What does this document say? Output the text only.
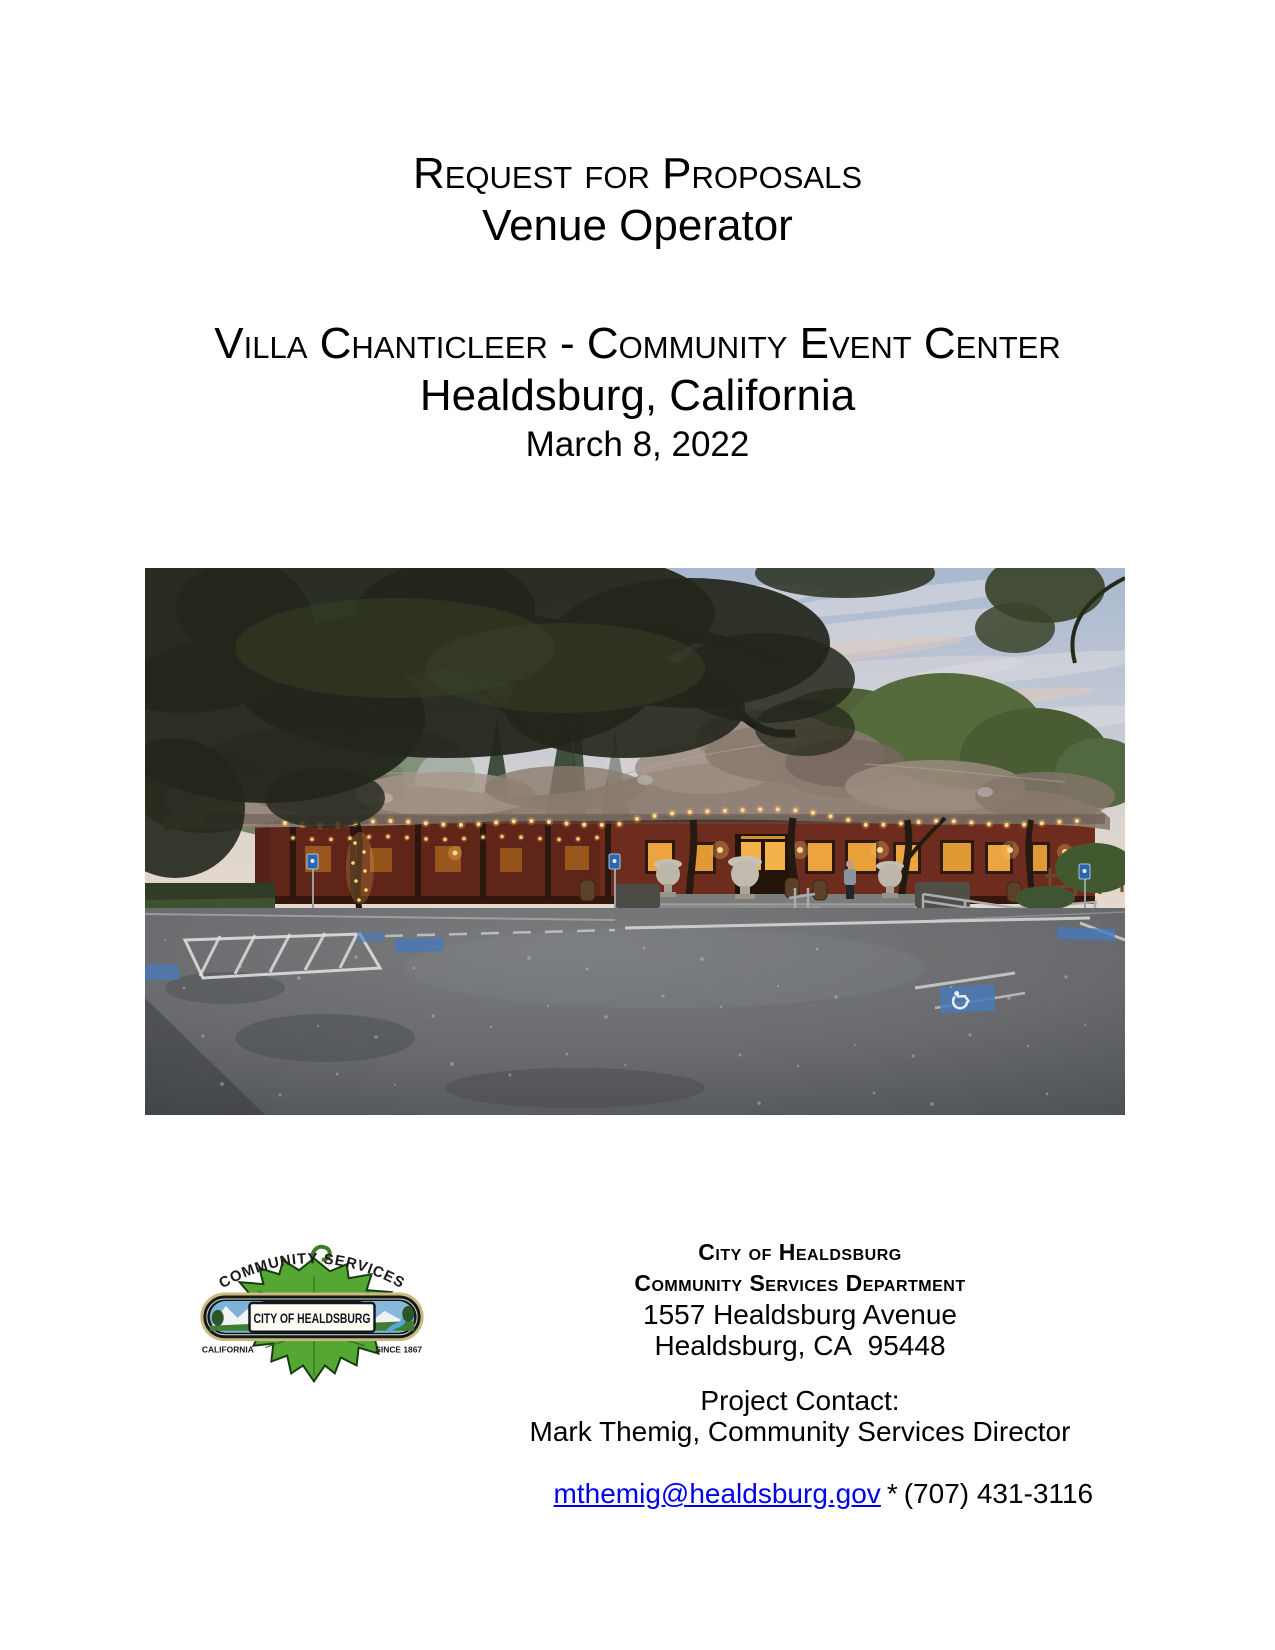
Request for Proposals
Venue Operator
Villa Chanticleer - Community Event Center
Healdsburg, California
March 8, 2022
CITY OF HEALDSBURG
COMMUNITY SERVICES
CALIFORNIA	SINCE 1867
City of Healdsburg
Community Services Department
1557 Healdsburg Avenue
Healdsburg, CA  95448
Project Contact:
Mark Themig, Community Services Director

mthemig@healdsburg.gov * (707) 431-3116
